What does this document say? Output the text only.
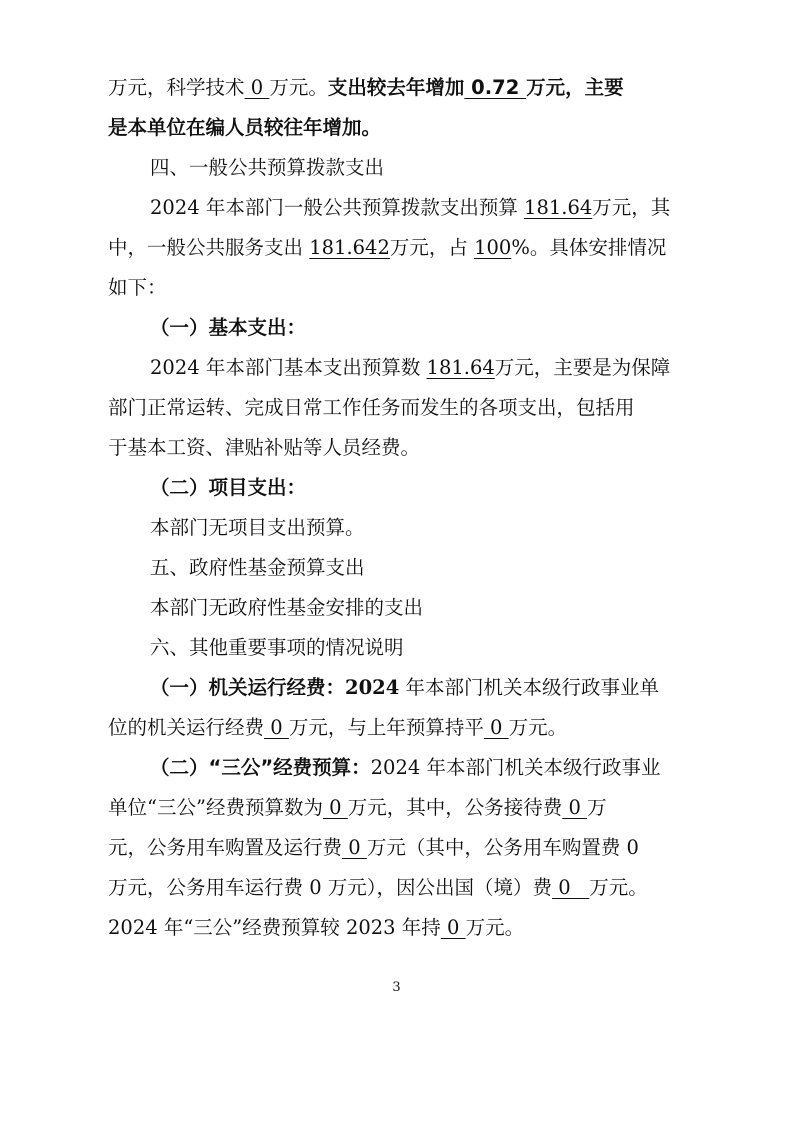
万元，科学技术 0 万元。支出较去年增加 0.72 万元，主要
是本单位在编人员较往年增加。
四、一般公共预算拨款支出
2024 年本部门一般公共预算拨款支出预算 181.64万元，其
中，一般公共服务支出 181.642万元，占 100%。具体安排情况
如下：
（一）基本支出：
2024 年本部门基本支出预算数 181.64万元，主要是为保障
部门正常运转、完成日常工作任务而发生的各项支出，包括用
于基本工资、津贴补贴等人员经费。
（二）项目支出：
本部门无项目支出预算。
五、政府性基金预算支出
本部门无政府性基金安排的支出
六、其他重要事项的情况说明
（一）机关运行经费：2024 年本部门机关本级行政事业单
位的机关运行经费 0 万元，与上年预算持平 0 万元。
（二）“三公”经费预算：2024 年本部门机关本级行政事业
单位“三公”经费预算数为 0 万元，其中，公务接待费 0 万
元，公务用车购置及运行费 0 万元（其中，公务用车购置费 0
万元，公务用车运行费 0 万元），因公出国（境）费 0   万元。
2024 年“三公”经费预算较 2023 年持 0 万元。
3
